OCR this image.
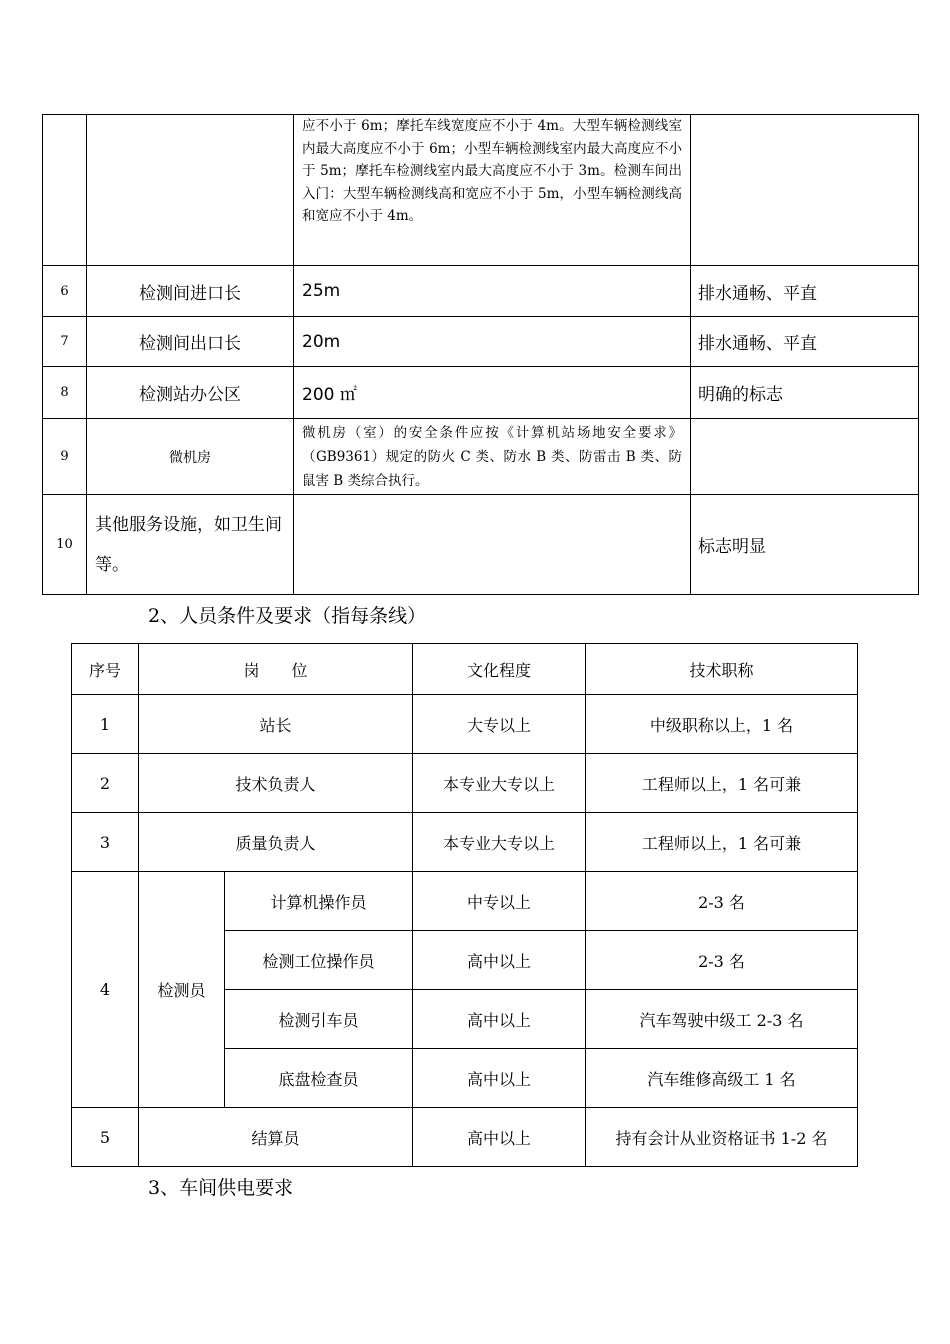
		应不小于 6m；摩托车线宽度应不小于 4m。大型车辆检测线室内最大高度应不小于 6m；小型车辆检测线室内最大高度应不小于 5m；摩托车检测线室内最大高度应不小于 3m。检测车间出入门：大型车辆检测线高和宽应不小于 5m，小型车辆检测线高和宽应不小于 4m。	
6	检测间进口长	25m	排水通畅、平直
7	检测间出口长	20m	排水通畅、平直
8	检测站办公区	200 ㎡	明确的标志
9	微机房	微机房（室）的安全条件应按《计算机站场地安全要求》（GB9361）规定的防火 C 类、防水 B 类、防雷击 B 类、防鼠害 B 类综合执行。	
10	其他服务设施，如卫生间等。		标志明显
2、人员条件及要求（指每条线）
序号	岗　　位		文化程度	技术职称
1	站长		大专以上	中级职称以上，1 名
2	技术负责人		本专业大专以上	工程师以上，1 名可兼
3	质量负责人		本专业大专以上	工程师以上，1 名可兼
4	检测员	计算机操作员	中专以上	2-3 名
		检测工位操作员	高中以上	2-3 名
		检测引车员	高中以上	汽车驾驶中级工 2-3 名
		底盘检查员	高中以上	汽车维修高级工 1 名
5	结算员		高中以上	持有会计从业资格证书 1-2 名
3、车间供电要求
